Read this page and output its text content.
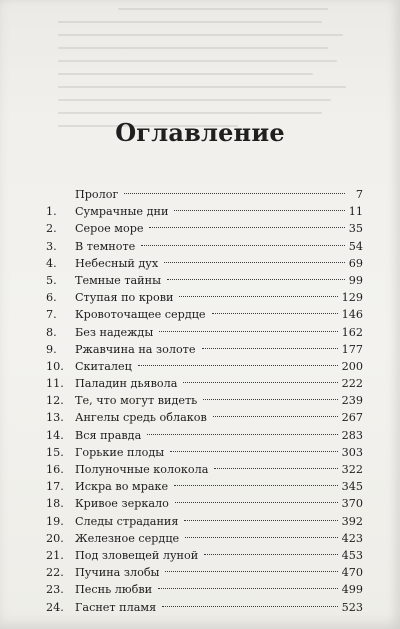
Оглавление
Пролог	7
1.	Сумрачные дни	11
2.	Серое море	35
3.	В темноте	54
4.	Небесный дух	69
5.	Темные тайны	99
6.	Ступая по крови	129
7.	Кровоточащее сердце	146
8.	Без надежды	162
9.	Ржавчина на золоте	177
10.	Скиталец	200
11.	Паладин дьявола	222
12.	Те, что могут видеть	239
13.	Ангелы средь облаков	267
14.	Вся правда	283
15.	Горькие плоды	303
16.	Полуночные колокола	322
17.	Искра во мраке	345
18.	Кривое зеркало	370
19.	Следы страдания	392
20.	Железное сердце	423
21.	Под зловещей луной	453
22.	Пучина злобы	470
23.	Песнь любви	499
24.	Гаснет пламя	523
